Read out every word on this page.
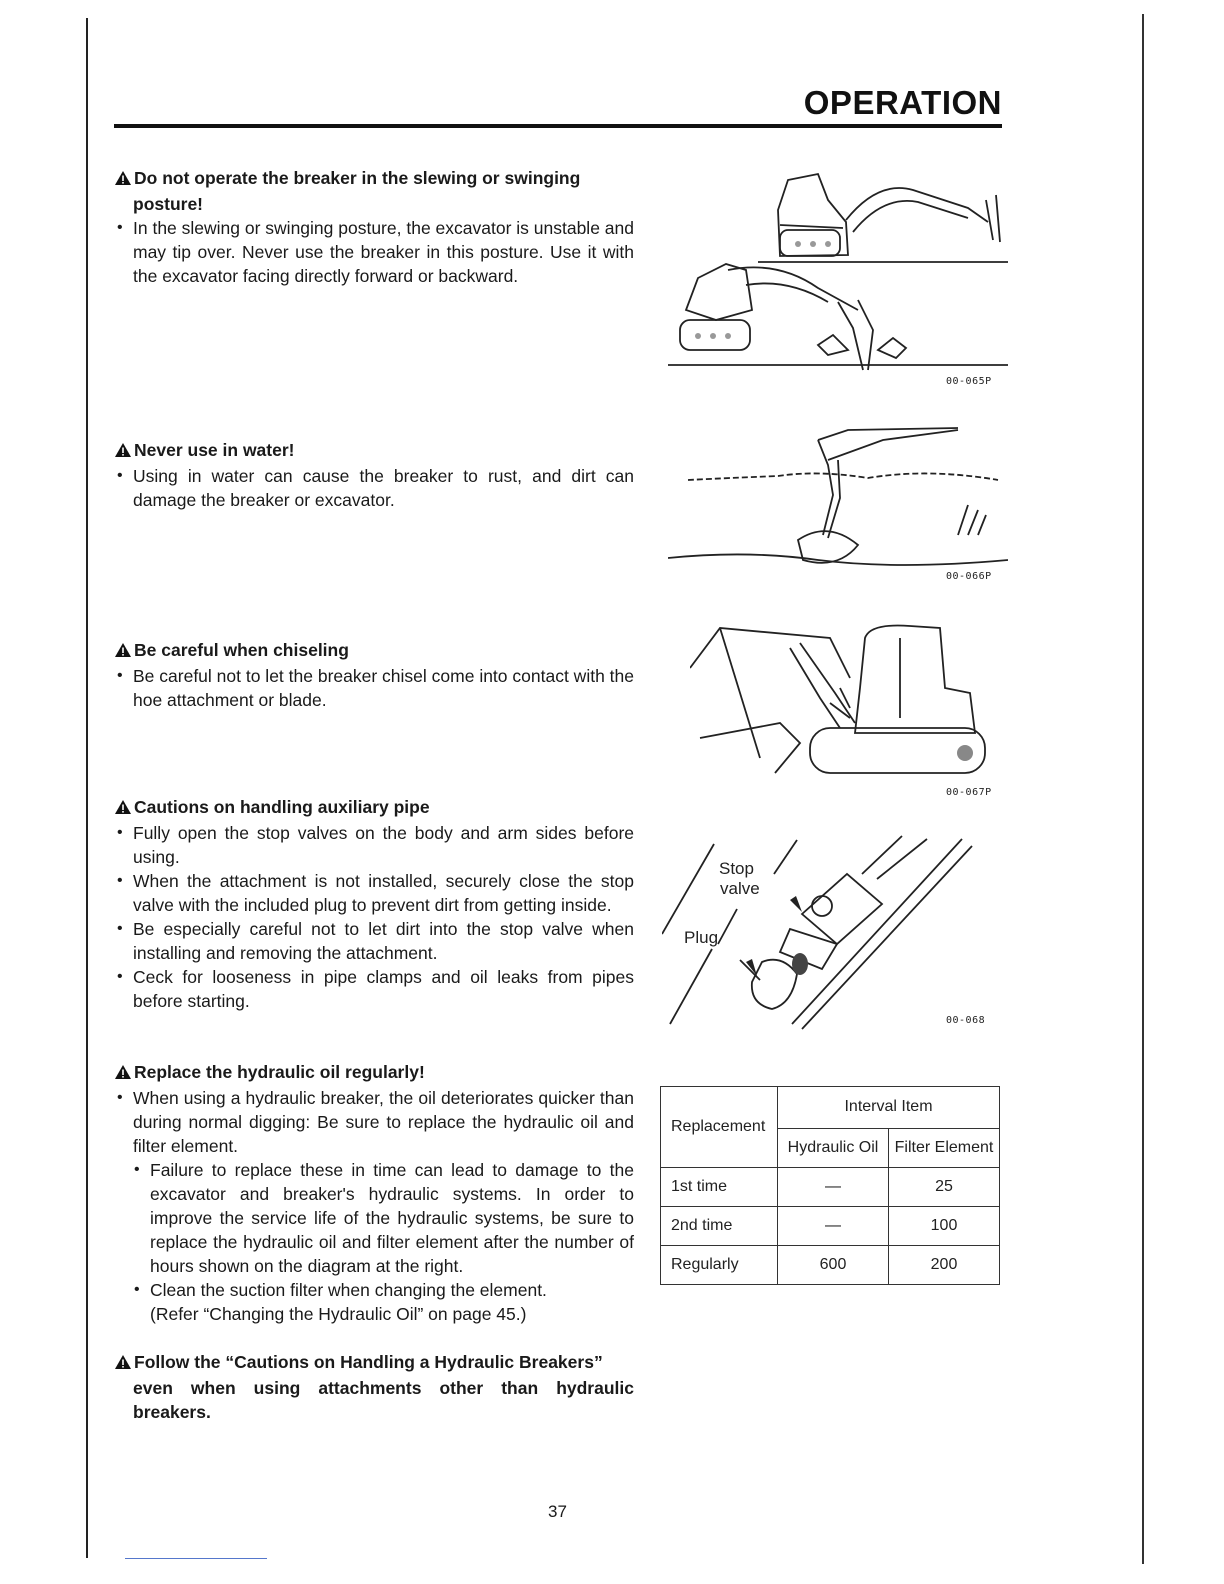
OPERATION

Do not operate the breaker in the slewing or swinging
posture!

• In the slewing or swinging posture, the excavator is unstable and may tip over. Never use the breaker in this posture. Use it with the excavator facing directly forward or backward.

Never use in water!

• Using in water can cause the breaker to rust, and dirt can damage the breaker or excavator.

Be careful when chiseling

• Be careful not to let the breaker chisel come into contact with the hoe attachment or blade.

Cautions on handling auxiliary pipe

• Fully open the stop valves on the body and arm sides before using.
• When the attachment is not installed, securely close the stop valve with the included plug to prevent dirt from getting inside.
• Be especially careful not to let dirt into the stop valve when installing and removing the attachment.
• Ceck for looseness in pipe clamps and oil leaks from pipes before starting.

Replace the hydraulic oil regularly!

• When using a hydraulic breaker, the oil deteriorates quicker than during normal digging: Be sure to replace the hydraulic oil and filter element.
• Failure to replace these in time can lead to damage to the excavator and breaker's hydraulic systems. In order to improve the service life of the hydraulic systems, be sure to replace the hydraulic oil and filter element after the number of hours shown on the diagram at the right.
• Clean the suction filter when changing the element.
(Refer “Changing the Hydraulic Oil” on page 45.)

Follow the “Cautions on Handling a Hydraulic Breakers”
even when using attachments other than hydraulic breakers.

00-065P
00-066P
00-067P
Stop
valve
Plug
00-068
Replacement	Interval Item	
	Hydraulic Oil	Filter Element
1st time	—	25
2nd time	—	100
Regularly	600	200
37
